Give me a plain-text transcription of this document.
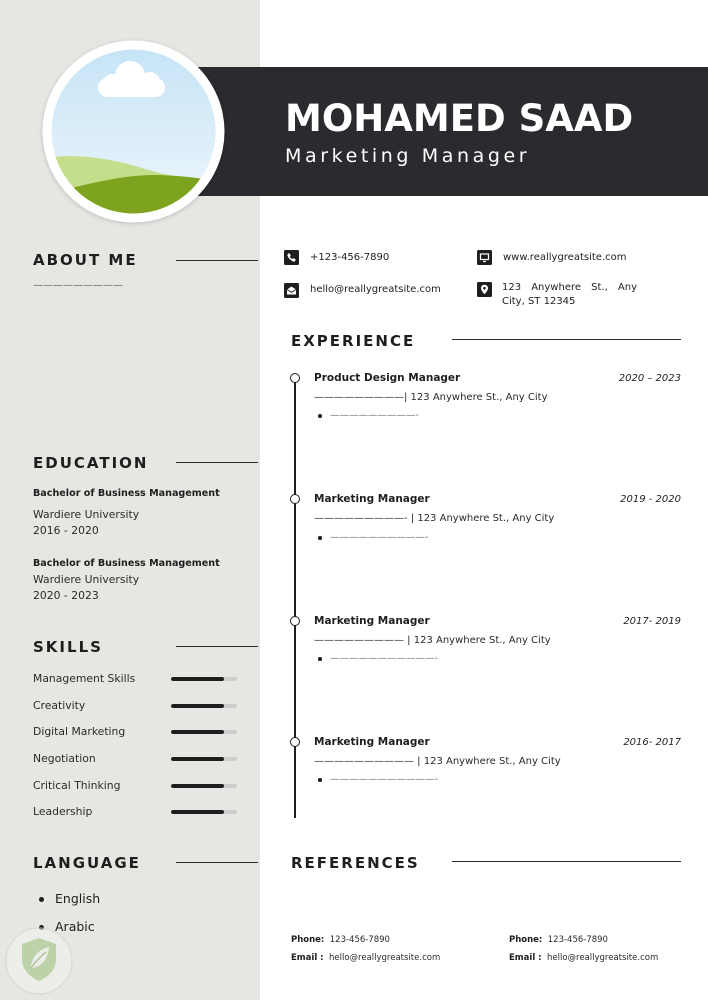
MOHAMED SAAD
Marketing Manager
+123-456-7890	www.reallygreatsite.com
hello@reallygreatsite.com	123 Anywhere St., Any City, ST 12345
ABOUT ME
—————————
EDUCATION
Bachelor of Business Management
Wardiere University
2016 - 2020
Bachelor of Business Management
Wardiere University
2020 - 2023
SKILLS
Management Skills
Creativity
Digital Marketing
Negotiation
Critical Thinking
Leadership
LANGUAGE
English
Arabic
EXPERIENCE
Product Design Manager	2020 – 2023
—————————| 123 Anywhere St., Any City
—————————-
Marketing Manager	2019 - 2020
—————————- | 123 Anywhere St., Any City
——————————-
Marketing Manager	2017- 2019
————————— | 123 Anywhere St., Any City
———————————-
Marketing Manager	2016- 2017
—————————— | 123 Anywhere St., Any City
———————————-
REFERENCES
Phone: 123-456-7890
Email : hello@reallygreatsite.com
Phone: 123-456-7890
Email : hello@reallygreatsite.com
